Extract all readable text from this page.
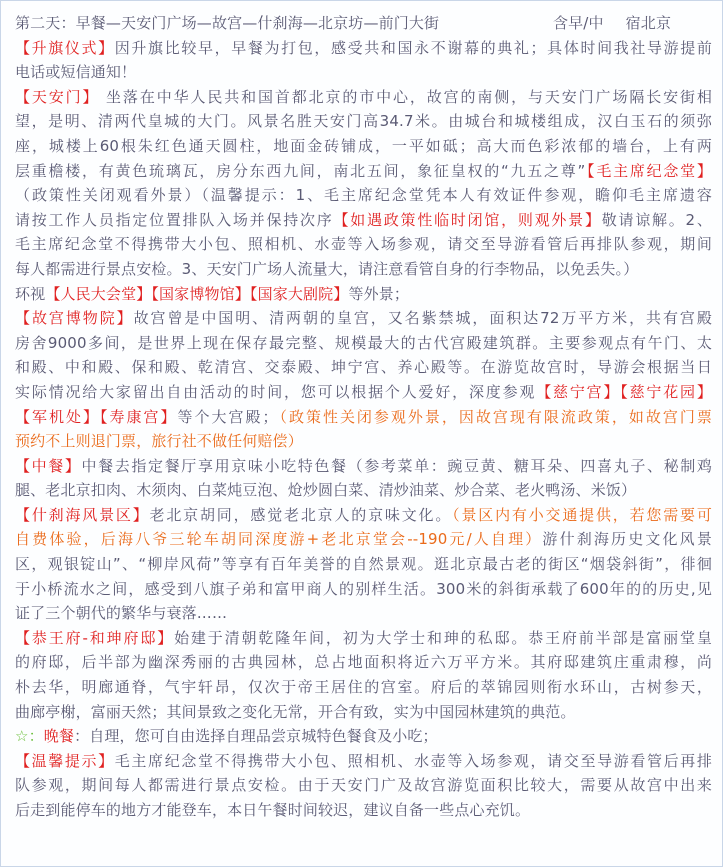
第二天：早餐—天安门广场—故宫—什刹海—北京坊—前门大街	含早/中 宿北京
【升旗仪式】因升旗比较早，早餐为打包，感受共和国永不谢幕的典礼；具体时间我社导游提前
电话或短信通知！
【天安门】 坐落在中华人民共和国首都北京的市中心，故宫的南侧，与天安门广场隔长安街相
望，是明、清两代皇城的大门。风景名胜天安门高34.7米。由城台和城楼组成，汉白玉石的须弥
座，城楼上60根朱红色通天圆柱，地面金砖铺成，一平如砥；高大而色彩浓郁的墙台，上有两
层重檐楼，有黄色琉璃瓦，房分东西九间，南北五间，象征皇权的“九五之尊”【毛主席纪念堂】
（政策性关闭观看外景）（温馨提示：1、毛主席纪念堂凭本人有效证件参观，瞻仰毛主席遗容
请按工作人员指定位置排队入场并保持次序【如遇政策性临时闭馆，则观外景】敬请谅解。2、
毛主席纪念堂不得携带大小包、照相机、水壶等入场参观，请交至导游看管后再排队参观，期间
每人都需进行景点安检。3、天安门广场人流量大，请注意看管自身的行李物品，以免丢失。）
环视【人民大会堂】【国家博物馆】【国家大剧院】等外景；
【故宫博物院】故宫曾是中国明、清两朝的皇宫，又名紫禁城，面积达72万平方米，共有宫殿
房舍9000多间，是世界上现在保存最完整、规模最大的古代宫殿建筑群。主要参观点有午门、太
和殿、中和殿、保和殿、乾清宫、交泰殿、坤宁宫、养心殿等。在游览故宫时，导游会根据当日
实际情况给大家留出自由活动的时间，您可以根据个人爱好，深度参观【慈宁宫】【慈宁花园】
【军机处】【寿康宫】等个大宫殿；（政策性关闭参观外景，因故宫现有限流政策，如故宫门票
预约不上则退门票，旅行社不做任何赔偿）
【中餐】中餐去指定餐厅享用京味小吃特色餐（参考菜单：豌豆黄、糖耳朵、四喜丸子、秘制鸡
腿、老北京扣肉、木须肉、白菜炖豆泡、炝炒圆白菜、清炒油菜、炒合菜、老火鸭汤、米饭）
【什刹海风景区】老北京胡同，感觉老北京人的京味文化。（景区内有小交通提供，若您需要可
自费体验，后海八爷三轮车胡同深度游+老北京堂会--190元/人自理）游什刹海历史文化风景
区，观银锭山”、“柳岸风荷”等享有百年美誉的自然景观。逛北京最古老的街区“烟袋斜街”，徘徊
于小桥流水之间，感受到八旗子弟和富甲商人的别样生活。300米的斜街承载了600年的的历史,见
证了三个朝代的繁华与衰落……
【恭王府-和珅府邸】始建于清朝乾隆年间，初为大学士和珅的私邸。恭王府前半部是富丽堂皇
的府邸，后半部为幽深秀丽的古典园林，总占地面积将近六万平方米。其府邸建筑庄重肃穆，尚
朴去华，明廊通脊，气宇轩昂，仅次于帝王居住的宫室。府后的萃锦园则衔水环山，古树参天，
曲廊亭榭，富丽天然；其间景致之变化无常，开合有致，实为中国园林建筑的典范。
☆：晚餐：自理，您可自由选择自理品尝京城特色餐食及小吃；
【温馨提示】毛主席纪念堂不得携带大小包、照相机、水壶等入场参观，请交至导游看管后再排
队参观，期间每人都需进行景点安检。由于天安门广及故宫游览面积比较大，需要从故宫中出来
后走到能停车的地方才能登车，本日午餐时间较迟，建议自备一些点心充饥。
